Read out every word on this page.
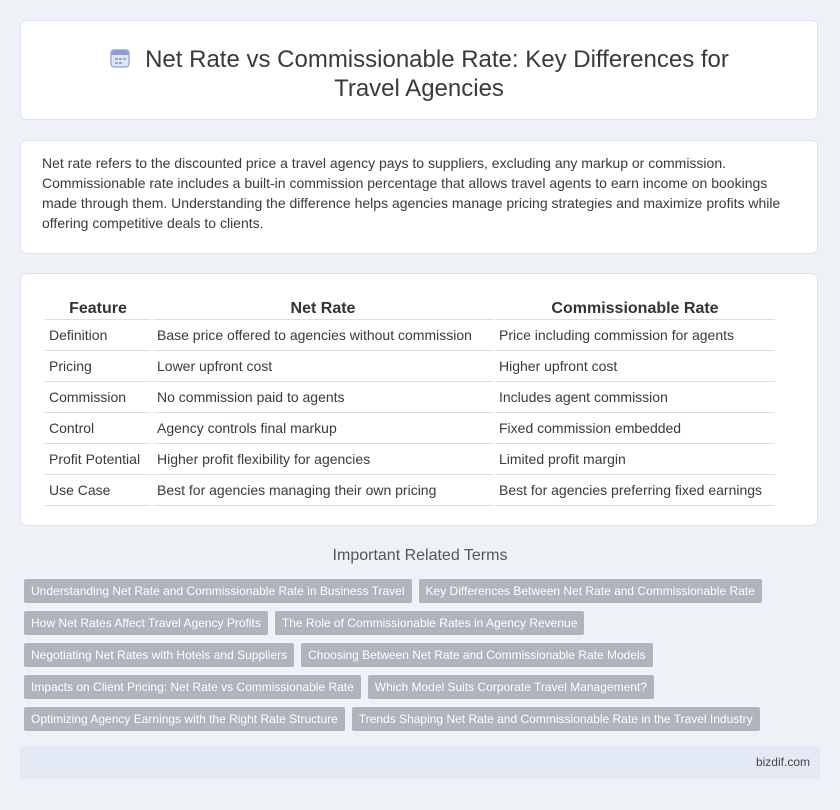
Net Rate vs Commissionable Rate: Key Differences for Travel Agencies

Net rate refers to the discounted price a travel agency pays to suppliers, excluding any markup or commission. Commissionable rate includes a built-in commission percentage that allows travel agents to earn income on bookings made through them. Understanding the difference helps agencies manage pricing strategies and maximize profits while offering competitive deals to clients.

Feature	Net Rate	Commissionable Rate
Definition	Base price offered to agencies without commission	Price including commission for agents
Pricing	Lower upfront cost	Higher upfront cost
Commission	No commission paid to agents	Includes agent commission
Control	Agency controls final markup	Fixed commission embedded
Profit Potential	Higher profit flexibility for agencies	Limited profit margin
Use Case	Best for agencies managing their own pricing	Best for agencies preferring fixed earnings
Important Related Terms
Understanding Net Rate and Commissionable Rate in Business Travel Key Differences Between Net Rate and Commissionable Rate
How Net Rates Affect Travel Agency Profits The Role of Commissionable Rates in Agency Revenue
Negotiating Net Rates with Hotels and Suppliers Choosing Between Net Rate and Commissionable Rate Models
Impacts on Client Pricing: Net Rate vs Commissionable Rate Which Model Suits Corporate Travel Management?
Optimizing Agency Earnings with the Right Rate Structure Trends Shaping Net Rate and Commissionable Rate in the Travel Industry
bizdif.com
